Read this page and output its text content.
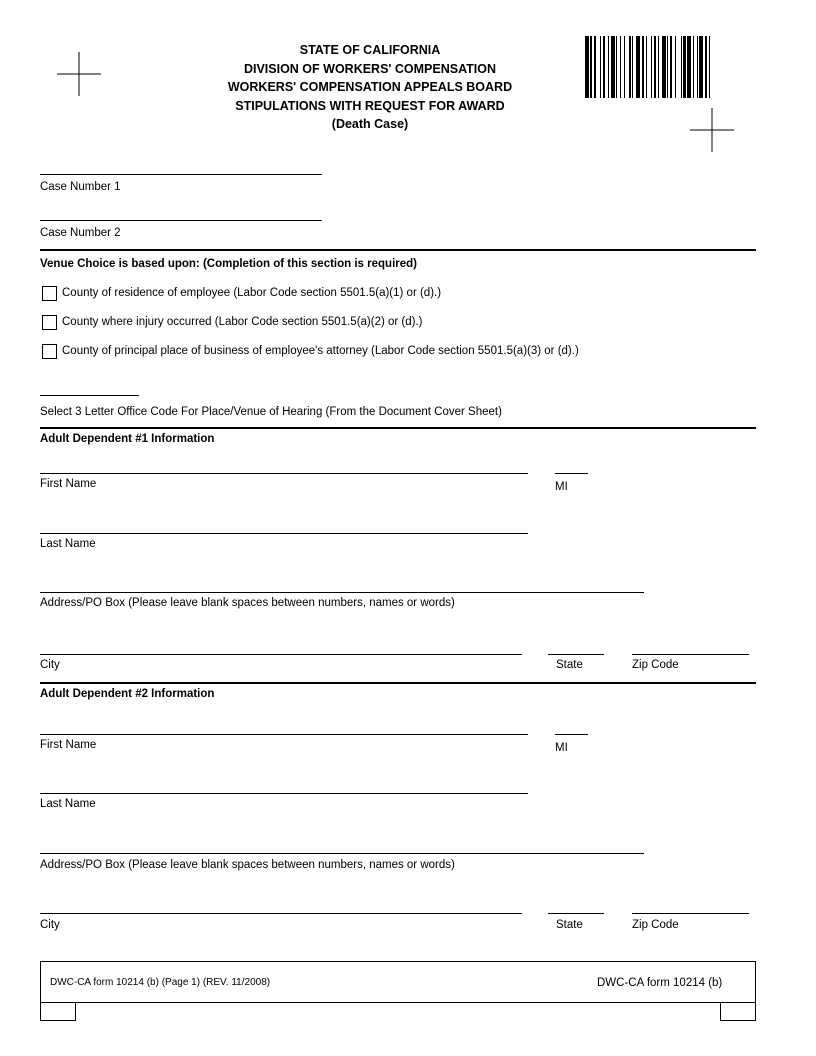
STATE OF CALIFORNIA
DIVISION OF WORKERS' COMPENSATION
WORKERS' COMPENSATION APPEALS BOARD
STIPULATIONS WITH REQUEST FOR AWARD
(Death Case)
Case Number 1
Case Number 2
Venue Choice is based upon: (Completion of this section is required)
County of residence of employee (Labor Code section 5501.5(a)(1) or (d).)
County where injury occurred (Labor Code section 5501.5(a)(2) or (d).)
County of principal place of business of employee's attorney (Labor Code section 5501.5(a)(3) or (d).)
Select 3 Letter Office Code For Place/Venue of Hearing (From the Document Cover Sheet)
Adult Dependent #1 Information
First Name	MI
Last Name
Address/PO Box (Please leave blank spaces between numbers, names or words)
City	State	Zip Code
Adult Dependent #2 Information
First Name	MI
Last Name
Address/PO Box (Please leave blank spaces between numbers, names or words)
City	State	Zip Code
DWC-CA form 10214 (b) (Page 1) (REV. 11/2008)	DWC-CA form 10214 (b)
